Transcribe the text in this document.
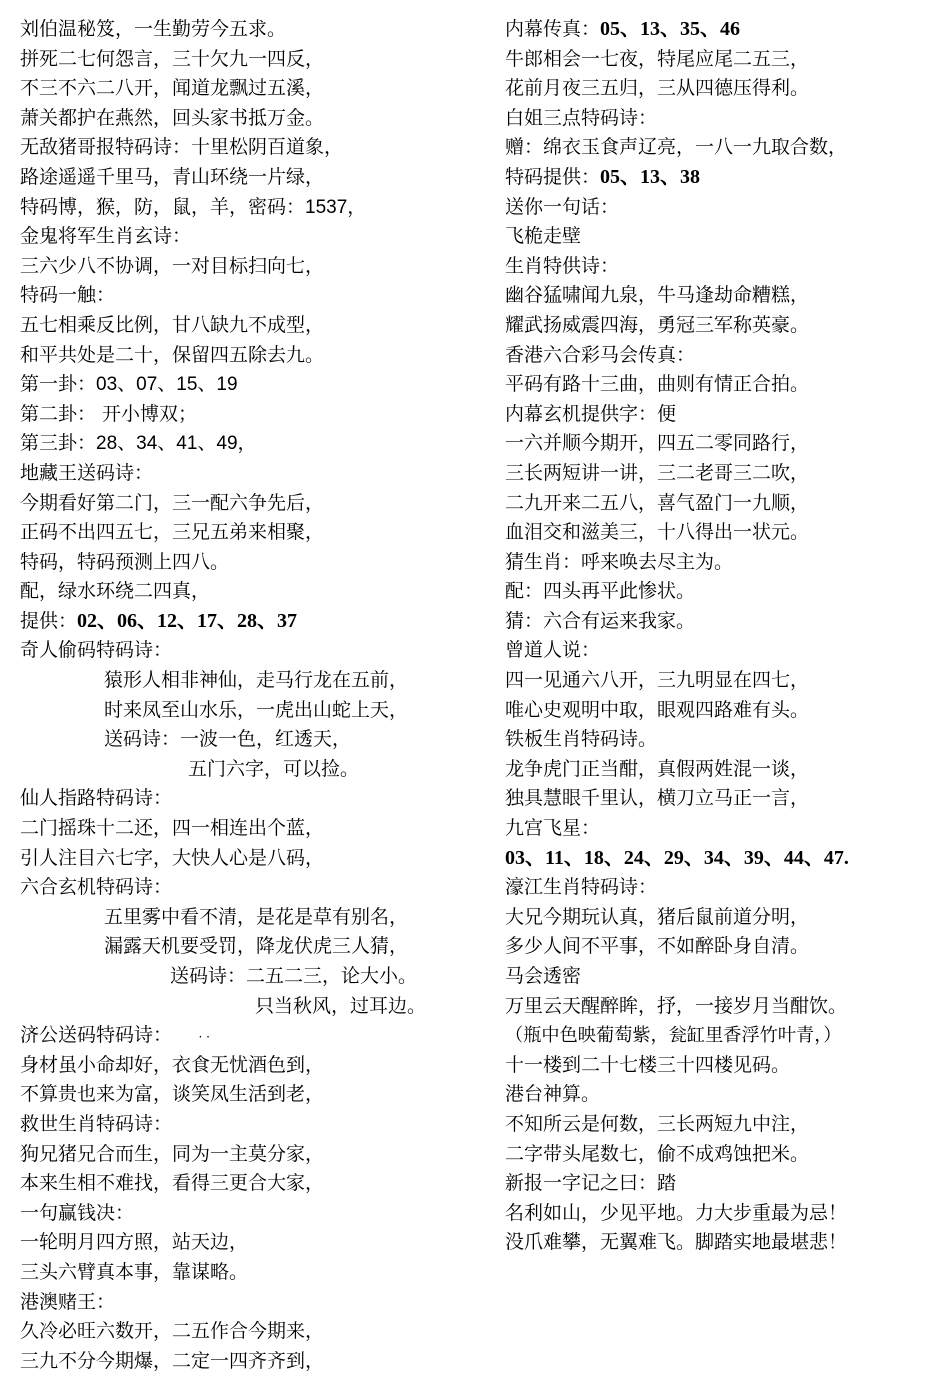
刘伯温秘笈，一生勤劳今五求。
拼死二七何怨言，三十欠九一四反，
不三不六二八开，闻道龙飘过五溪，
萧关都护在燕然，回头家书抵万金。
无敌猪哥报特码诗：十里松阴百道象，
路途遥遥千里马，青山环绕一片绿，
特码博，猴，防，鼠，羊，密码：1537，
金鬼将军生肖玄诗：
三六少八不协调，一对目标扫向七，
特码一触：
五七相乘反比例，甘八缺九不成型，
和平共处是二十，保留四五除去九。
第一卦：03、07、15、19
第二卦： 开小博双；
第三卦：28、34、41、49，
地藏王送码诗：
今期看好第二门，三一配六争先后，
正码不出四五七，三兄五弟来相聚，
特码，特码预测上四八。
配，绿水环绕二四真，
提供：02、06、12、17、28、37
奇人偷码特码诗：
猿形人相非神仙，走马行龙在五前，
时来凤至山水乐，一虎出山蛇上天，
送码诗：一波一色，红透天，
五门六字，可以捡。
仙人指路特码诗：
二门摇珠十二还，四一相连出个蓝，
引人注目六七字，大快人心是八码，
六合玄机特码诗：
五里雾中看不清，是花是草有别名，
漏露天机要受罚，降龙伏虎三人猜，
送码诗：二五二三，论大小。
只当秋风，过耳边。
济公送码特码诗：	· ·
身材虽小命却好，衣食无忧酒色到，
不算贵也来为富，谈笑凤生活到老，
救世生肖特码诗：
狗兄猪兄合而生，同为一主莫分家，
本来生相不难找，看得三更合大家，
一句赢钱决：
一轮明月四方照，站天边，
三头六臂真本事，靠谋略。
港澳赌王：
久冷必旺六数开，二五作合今期来，
三九不分今期爆，二定一四齐齐到，
内幕传真：05、13、35、46
牛郎相会一七夜，特尾应尾二五三，
花前月夜三五归，三从四德压得利。
白姐三点特码诗：
赠：绵衣玉食声辽亮，一八一九取合数，
特码提供：05、13、38
送你一句话：
飞桅走壁
生肖特供诗：
幽谷猛啸闻九泉，牛马逢劫命糟糕，
耀武扬威震四海，勇冠三军称英豪。
香港六合彩马会传真：
平码有路十三曲，曲则有情正合拍。
内幕玄机提供字：便
一六并顺今期开，四五二零同路行，
三长两短讲一讲，三二老哥三二吹，
二九开来二五八，喜气盈门一九顺，
血泪交和滋美三，十八得出一状元。
猜生肖：呼来唤去尽主为。
配：四头再平此惨状。
猜：六合有运来我家。
曾道人说：
四一见通六八开，三九明显在四七，
唯心史观明中取，眼观四路难有头。
铁板生肖特码诗。
龙争虎门正当酣，真假两姓混一谈，
独具慧眼千里认，横刀立马正一言，
九宫飞星：
03、11、18、24、29、34、39、44、47.
濠江生肖特码诗：
大兄今期玩认真，猪后鼠前道分明，
多少人间不平事，不如醉卧身自清。
马会透密
万里云天醒醉眸，抒，一接岁月当酣饮。
（瓶中色映葡萄紫，瓮缸里香浮竹叶青，）
十一楼到二十七楼三十四楼见码。
港台神算。
不知所云是何数，三长两短九中注，
二字带头尾数七，偷不成鸡蚀把米。
新报一字记之曰：踏
名利如山，少见平地。力大步重最为忌！
没爪难攀，无翼难飞。脚踏实地最堪悲！
